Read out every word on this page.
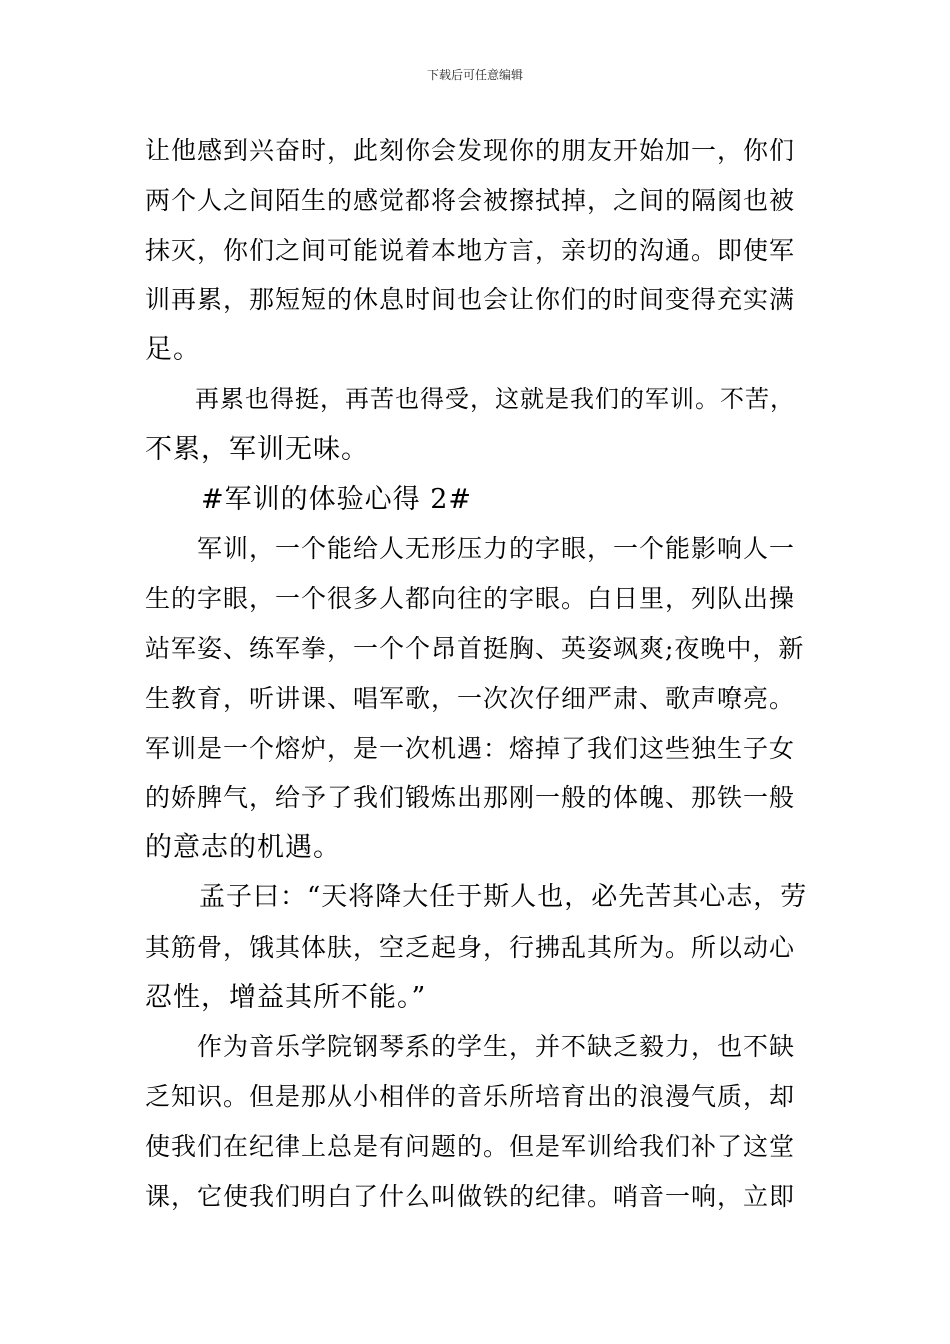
下载后可任意编辑
让他感到兴奋时，此刻你会发现你的朋友开始加一，你们
两个人之间陌生的感觉都将会被擦拭掉，之间的隔阂也被
抹灭，你们之间可能说着本地方言，亲切的沟通。即使军
训再累，那短短的休息时间也会让你们的时间变得充实满
足。
　　再累也得挺，再苦也得受，这就是我们的军训。不苦，
不累，军训无味。
　　#军训的体验心得 2#
　　军训，一个能给人无形压力的字眼，一个能影响人一
生的字眼，一个很多人都向往的字眼。白日里，列队出操
站军姿、练军拳，一个个昂首挺胸、英姿飒爽;夜晚中，新
生教育，听讲课、唱军歌，一次次仔细严肃、歌声嘹亮。
军训是一个熔炉，是一次机遇：熔掉了我们这些独生子女
的娇脾气，给予了我们锻炼出那刚一般的体魄、那铁一般
的意志的机遇。
　　孟子曰：“天将降大任于斯人也，必先苦其心志，劳
其筋骨，饿其体肤，空乏起身，行拂乱其所为。所以动心
忍性，增益其所不能。”
　　作为音乐学院钢琴系的学生，并不缺乏毅力，也不缺
乏知识。但是那从小相伴的音乐所培育出的浪漫气质，却
使我们在纪律上总是有问题的。但是军训给我们补了这堂
课，它使我们明白了什么叫做铁的纪律。哨音一响，立即
